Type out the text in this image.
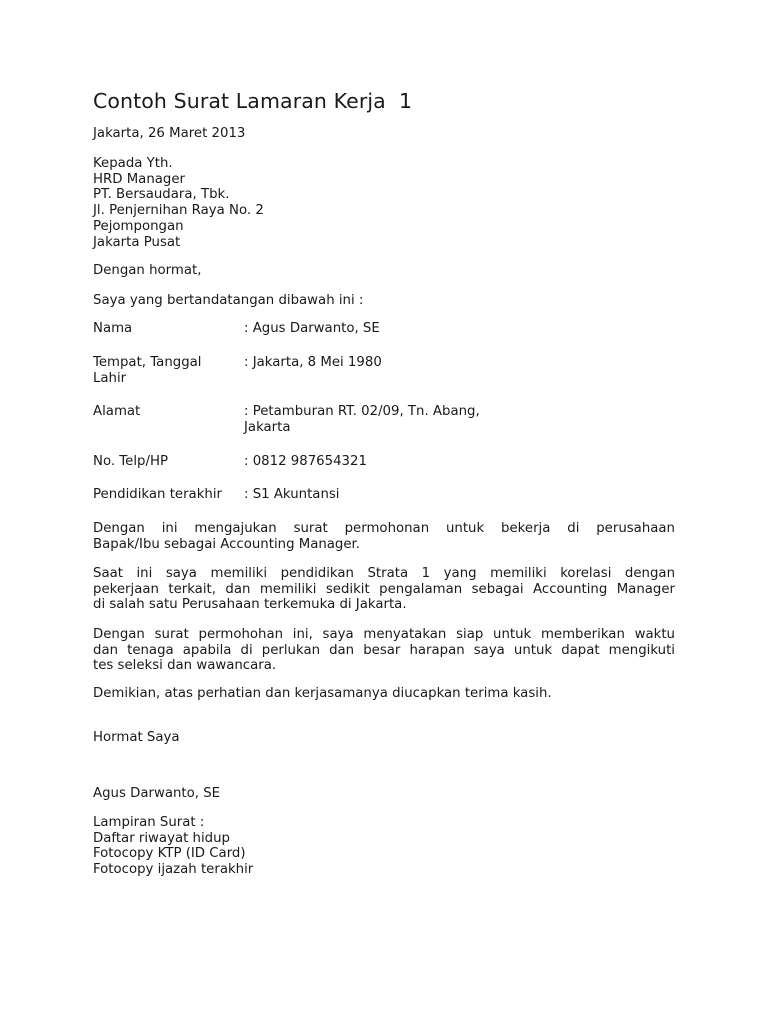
Contoh Surat Lamaran Kerja  1
Jakarta, 26 Maret 2013
Kepada Yth.
HRD Manager
PT. Bersaudara, Tbk.
Jl. Penjernihan Raya No. 2
Pejompongan
Jakarta Pusat
Dengan hormat,
Saya yang bertandatangan dibawah ini :
Nama	: Agus Darwanto, SE
Tempat, Tanggal Lahir
: Jakarta, 8 Mei 1980
Alamat	: Petamburan RT. 02/09, Tn. Abang,
Jakarta
No. Telp/HP	: 0812 987654321
Pendidikan terakhir	: S1 Akuntansi
Dengan ini mengajukan surat permohonan untuk bekerja di perusahaan
Bapak/Ibu sebagai Accounting Manager.
Saat ini saya memiliki pendidikan Strata 1 yang memiliki korelasi dengan
pekerjaan terkait, dan memiliki sedikit pengalaman sebagai Accounting Manager
di salah satu Perusahaan terkemuka di Jakarta.
Dengan surat permohohan ini, saya menyatakan siap untuk memberikan waktu
dan tenaga apabila di perlukan dan besar harapan saya untuk dapat mengikuti
tes seleksi dan wawancara.
Demikian, atas perhatian dan kerjasamanya diucapkan terima kasih.
Hormat Saya
Agus Darwanto, SE
Lampiran Surat :
Daftar riwayat hidup
Fotocopy KTP (ID Card)
Fotocopy ijazah terakhir
